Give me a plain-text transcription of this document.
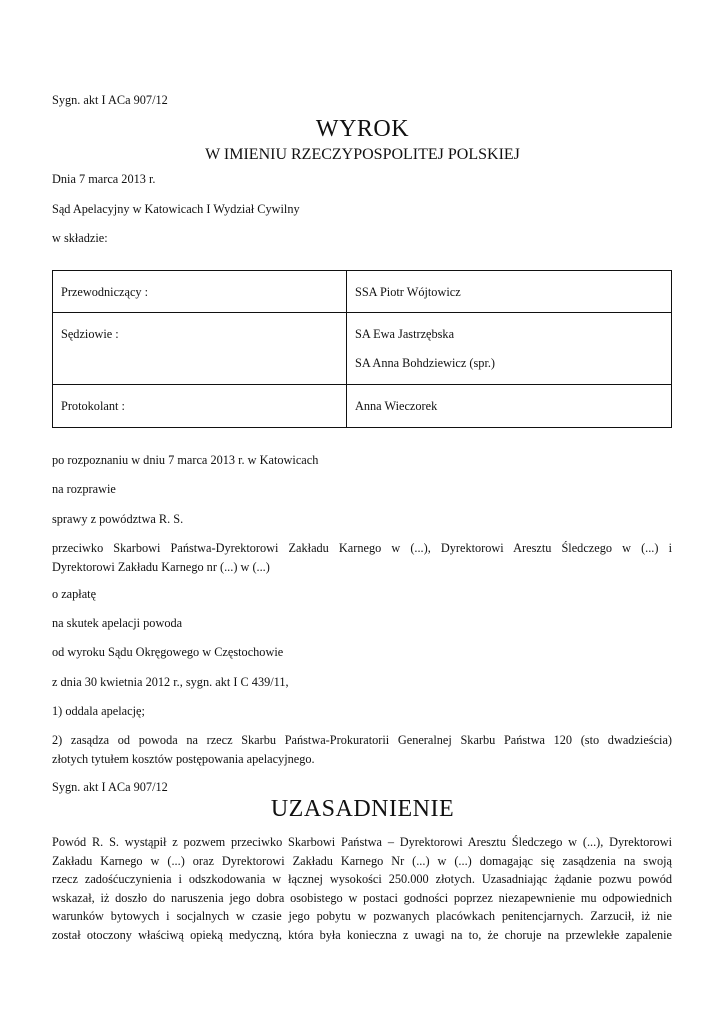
Sygn. akt I ACa 907/12
WYROK
W IMIENIU RZECZYPOSPOLITEJ POLSKIEJ
Dnia 7 marca 2013 r.
Sąd Apelacyjny w Katowicach I Wydział Cywilny
w składzie:
Przewodniczący :	SSA Piotr Wójtowicz
Sędziowie :	SA Ewa Jastrzębska
SA Anna Bohdziewicz (spr.)

Protokolant :	Anna Wieczorek
po rozpoznaniu w dniu 7 marca 2013 r. w Katowicach
na rozprawie
sprawy z powództwa R. S.
przeciwko Skarbowi Państwa-Dyrektorowi Zakładu Karnego w (...), Dyrektorowi Aresztu Śledczego w (...) i
Dyrektorowi Zakładu Karnego nr (...) w (...)
o zapłatę
na skutek apelacji powoda
od wyroku Sądu Okręgowego w Częstochowie
z dnia 30 kwietnia 2012 r., sygn. akt I C 439/11,
1) oddala apelację;
2) zasądza od powoda na rzecz Skarbu Państwa-Prokuratorii Generalnej Skarbu Państwa 120 (sto dwadzieścia)
złotych tytułem kosztów postępowania apelacyjnego.
Sygn. akt I ACa 907/12
UZASADNIENIE
Powód R. S. wystąpił z pozwem przeciwko Skarbowi Państwa – Dyrektorowi Aresztu Śledczego w (...), Dyrektorowi
Zakładu Karnego w (...) oraz Dyrektorowi Zakładu Karnego Nr (...) w (...) domagając się zasądzenia na swoją
rzecz zadośćuczynienia i odszkodowania w łącznej wysokości 250.000 złotych. Uzasadniając żądanie pozwu powód
wskazał, iż doszło do naruszenia jego dobra osobistego w postaci godności poprzez niezapewnienie mu odpowiednich
warunków bytowych i socjalnych w czasie jego pobytu w pozwanych placówkach penitencjarnych. Zarzucił, iż nie
został otoczony właściwą opieką medyczną, która była konieczna z uwagi na to, że choruje na przewlekłe zapalenie
